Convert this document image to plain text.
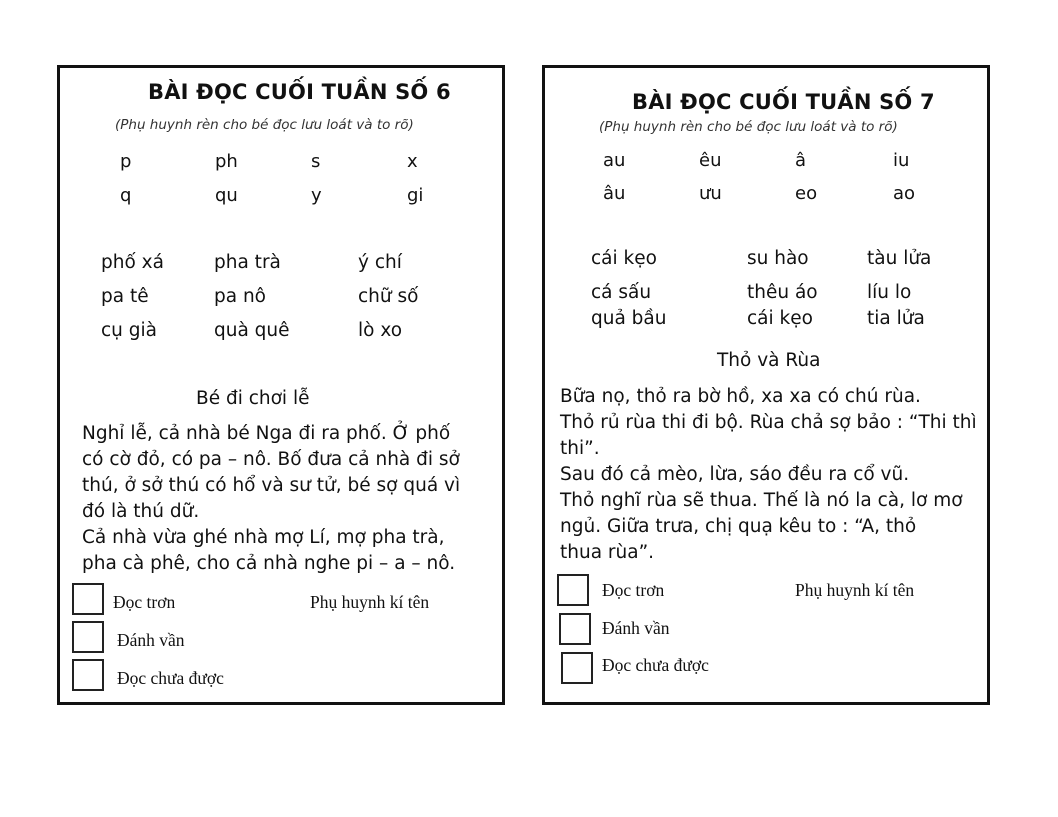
BÀI ĐỌC CUỐI TUẦN SỐ 6
(Phụ huynh rèn cho bé đọc lưu loát và to rõ)
p	ph	s	x
q	qu	y	gi
phố xá	pha trà	ý chí
pa tê	pa nô	chữ số
cụ già	quà quê	lò xo
Bé đi chơi lễ
Nghỉ lễ, cả nhà bé Nga đi ra phố. Ở phố
có cờ đỏ, có pa – nô. Bố đưa cả nhà đi sở
thú, ở sở thú có hổ và sư tử, bé sợ quá vì
đó là thú dữ.
Cả nhà vừa ghé nhà mợ Lí, mợ pha trà,
pha cà phê, cho cả nhà nghe pi – a – nô.
Đọc trơn
Đánh vần
Đọc chưa được
Phụ huynh kí tên
BÀI ĐỌC CUỐI TUẦN SỐ 7
(Phụ huynh rèn cho bé đọc lưu loát và to rõ)
au	êu	â	iu
âu	ưu	eo	ao
cái kẹo	su hào	tàu lửa
cá sấu	thêu áo	líu lo
quả bầu	cái kẹo	tia lửa
Thỏ và Rùa
Bữa nọ, thỏ ra bờ hồ, xa xa có chú rùa.
Thỏ rủ rùa thi đi bộ. Rùa chả sợ bảo : “Thi thì
thi”.
Sau đó cả mèo, lừa, sáo đều ra cổ vũ.
Thỏ nghĩ rùa sẽ thua. Thế là nó la cà, lơ mơ
ngủ. Giữa trưa, chị quạ kêu to : “A, thỏ
thua rùa”.
Đọc trơn
Đánh vần
Đọc chưa được
Phụ huynh kí tên
